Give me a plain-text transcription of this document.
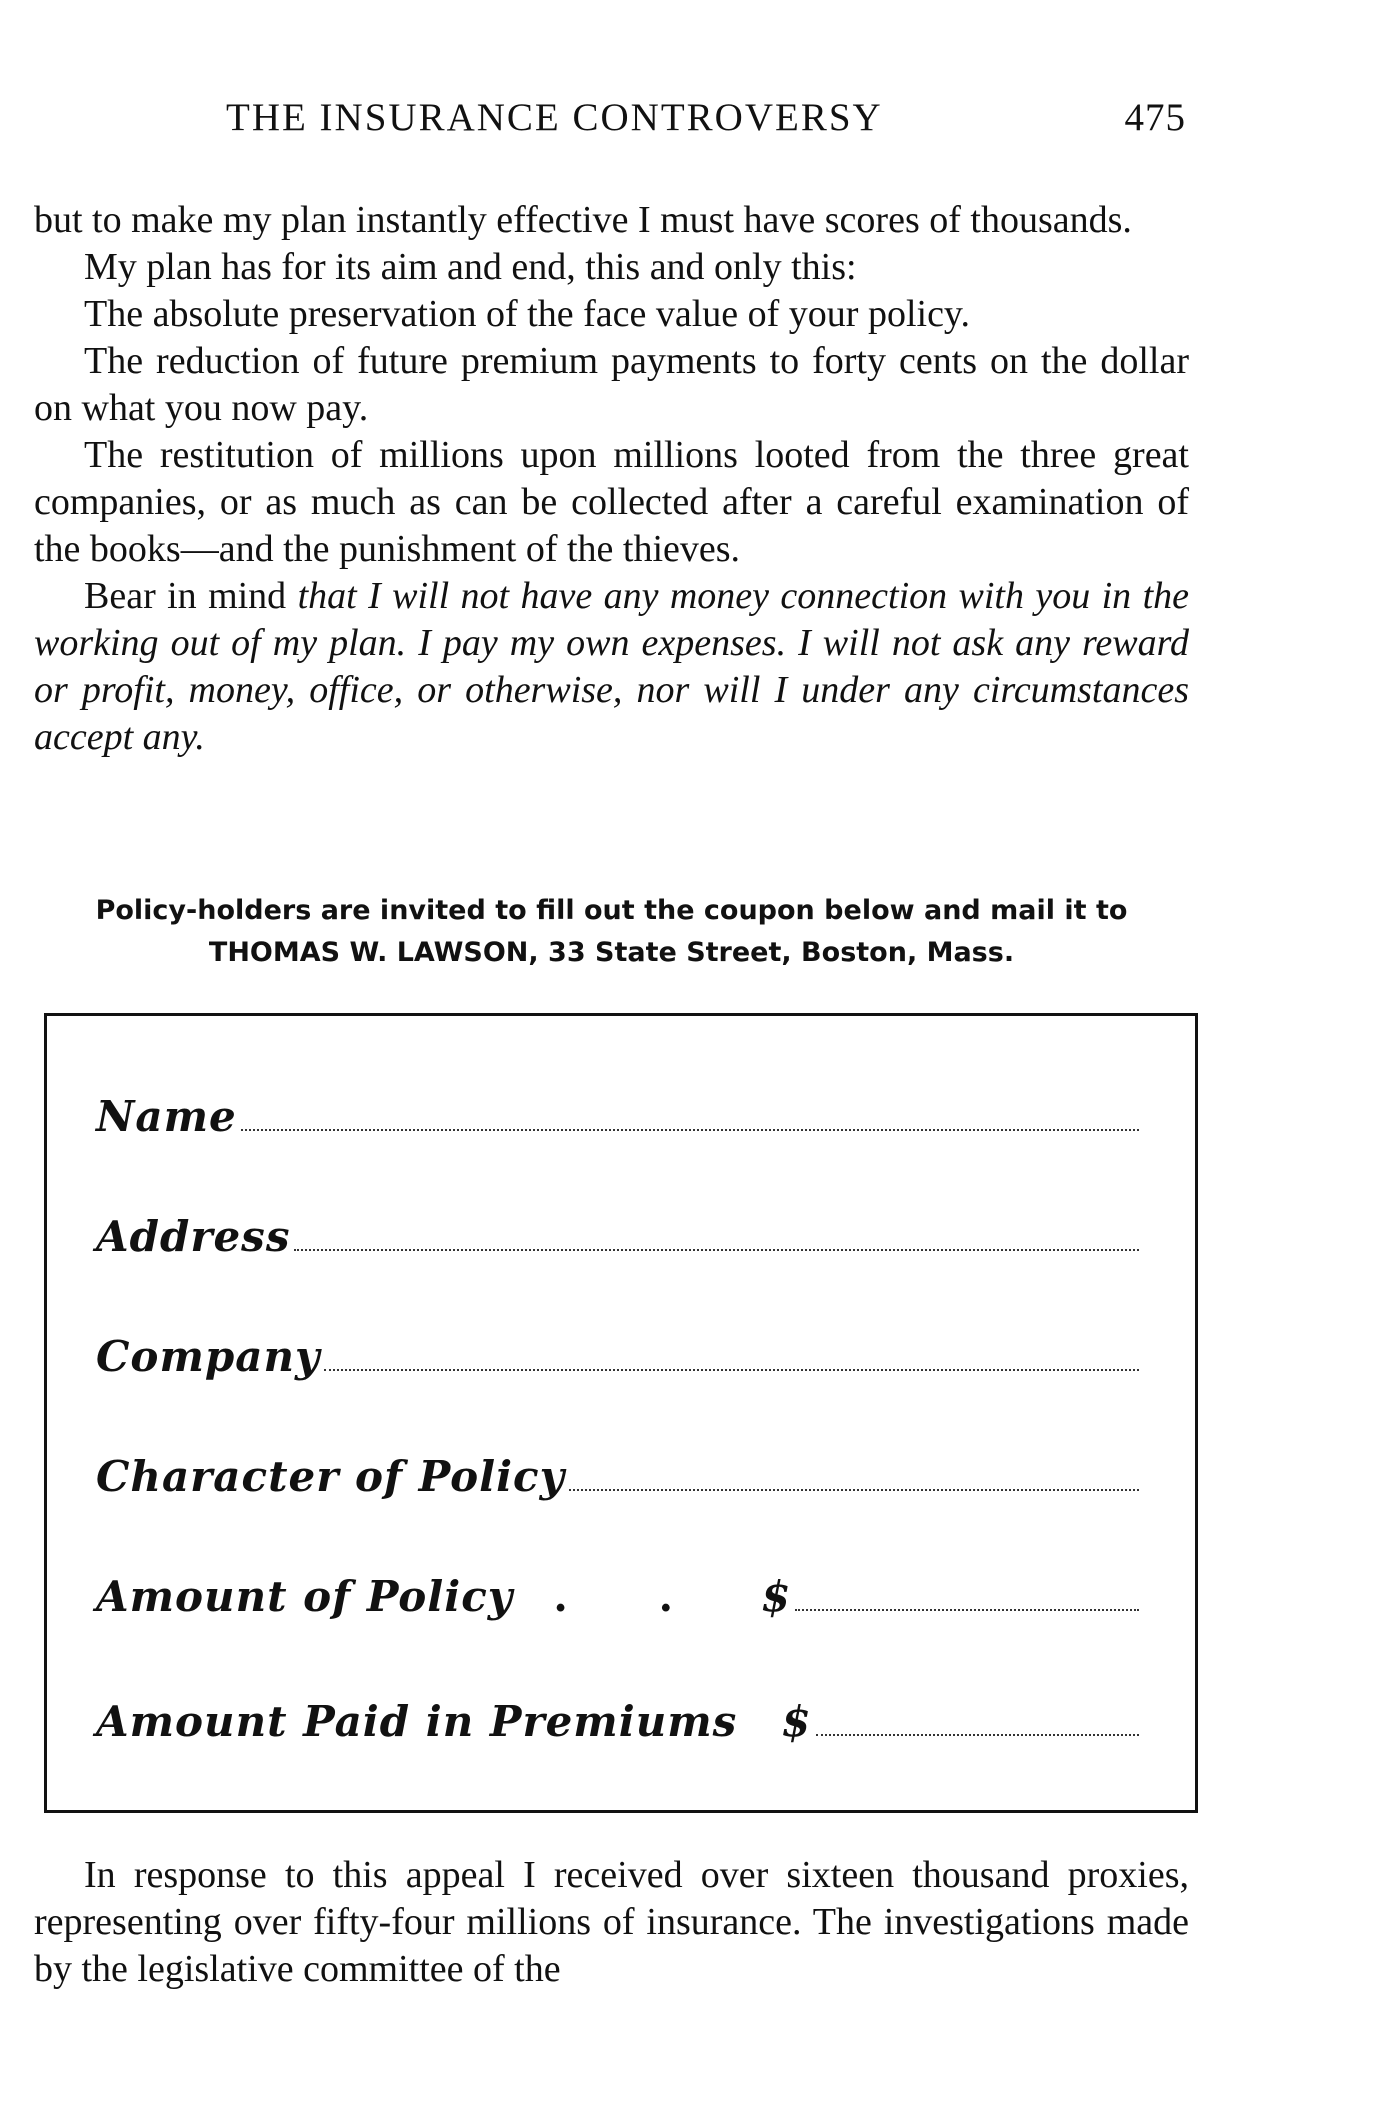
THE INSURANCE CONTROVERSY	475

but to make my plan instantly effective I must have scores of thousands.

My plan has for its aim and end, this and only this:

The absolute preservation of the face value of your policy.

The reduction of future premium payments to forty cents on the dollar on what you now pay.

The restitution of millions upon millions looted from the three great companies, or as much as can be collected after a careful examination of the books—and the punishment of the thieves.

Bear in mind that I will not have any money connection with you in the working out of my plan. I pay my own expenses. I will not ask any reward or profit, money, office, or otherwise, nor will I under any circumstances accept any.

Policy-holders are invited to fill out the coupon below and mail it to
THOMAS W. LAWSON, 33 State Street, Boston, Mass.
Name
Address
Company
Character of Policy
Amount of Policy . . $
Amount Paid in Premiums $

In response to this appeal I received over sixteen thousand proxies, representing over fifty-four millions of insurance. The investigations made by the legislative committee of the
